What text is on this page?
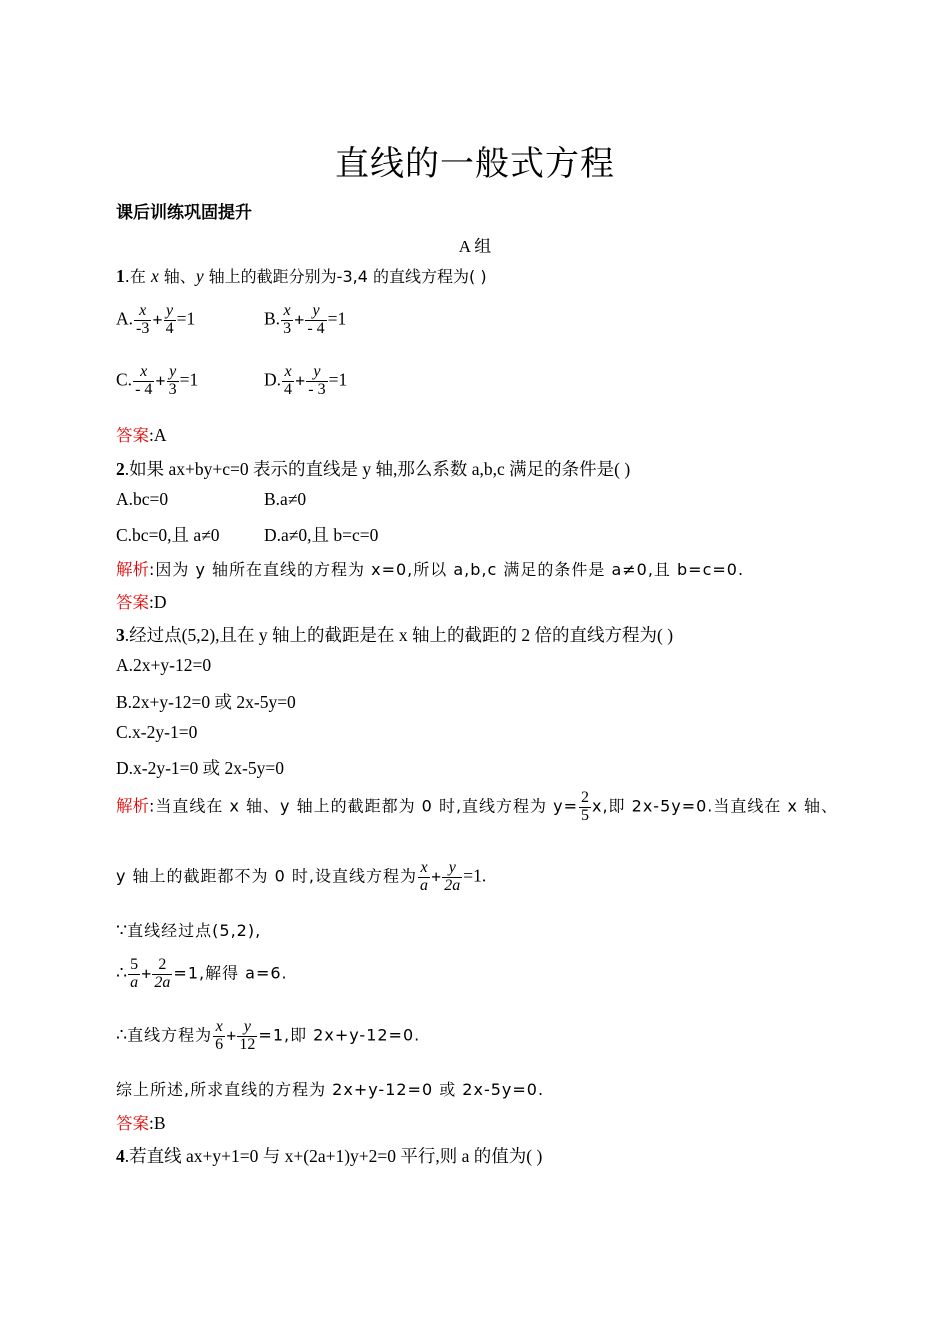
直线的一般式方程
课后训练巩固提升
A 组
1.在 x 轴、y 轴上的截距分别为-3,4 的直线方程为( )
A. $\frac{x}{-3} + \frac{y}{4} =1$	B. $\frac{x}{3} + \frac{y}{- 4} =1$
C. $\frac{x}{- 4} + \frac{y}{3} =1$	D. $\frac{x}{4} + \frac{y}{- 3} =1$
答案:A
2.如果 ax+by+c=0 表示的直线是 y 轴,那么系数 a,b,c 满足的条件是( )
A.bc=0	B.a≠0
C.bc=0,且 a≠0	D.a≠0,且 b=c=0
解析:因为 y 轴所在直线的方程为 x=0,所以 a,b,c 满足的条件是 a≠0,且 b=c=0.
答案:D
3.经过点(5,2),且在 y 轴上的截距是在 x 轴上的截距的 2 倍的直线方程为( )
A.2x+y-12=0
B.2x+y-12=0 或 2x-5y=0
C.x-2y-1=0
D.x-2y-1=0 或 2x-5y=0
解析:当直线在 x 轴、y 轴上的截距都为 0 时,直线方程为 $y= \frac{2}{5} x$,即 2x-5y=0.当直线在 x 轴、
y 轴上的截距都不为 0 时,设直线方程为 $\frac{x}{a} + \frac{y}{2a} =1$.
∵直线经过点(5,2),
∴ $\frac{5}{a} + \frac{2}{2a} =1$,解得 a=6.
∴直线方程为 $\frac{x}{6} + \frac{y}{12} =1$,即 2x+y-12=0.
综上所述,所求直线的方程为 2x+y-12=0 或 2x-5y=0.
答案:B
4.若直线 ax+y+1=0 与 x+(2a+1)y+2=0 平行,则 a 的值为( )
